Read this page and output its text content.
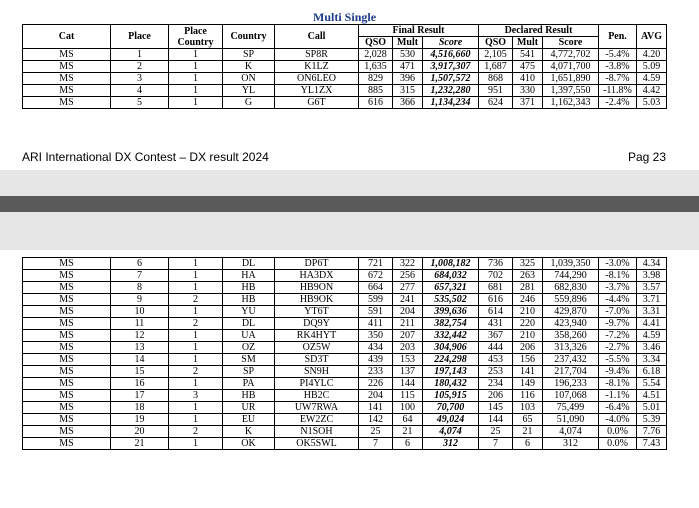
Multi Single												
Cat	Place	Place Country	Country	Call	Final Result			Declared Result			Pen.	AVG
					QSO	Mult	Score	QSO	Mult	Score		
MS	1	1	SP	SP8R	2,028	530	4,516,660	2,105	541	4,772,702	-5.4%	4.20
MS	2	1	K	K1LZ	1,635	471	3,917,307	1,687	475	4,071,700	-3.8%	5.09
MS	3	1	ON	ON6LEO	829	396	1,507,572	868	410	1,651,890	-8.7%	4.59
MS	4	1	YL	YL1ZX	885	315	1,232,280	951	330	1,397,550	-11.8%	4.42
MS	5	1	G	G6T	616	366	1,134,234	624	371	1,162,343	-2.4%	5.03
ARI International DX Contest – DX result 2024	Pag 23
MS	6	1	DL	DP6T	721	322	1,008,182	736	325	1,039,350	-3.0%	4.34
MS	7	1	HA	HA3DX	672	256	684,032	702	263	744,290	-8.1%	3.98
MS	8	1	HB	HB9ON	664	277	657,321	681	281	682,830	-3.7%	3.57
MS	9	2	HB	HB9OK	599	241	535,502	616	246	559,896	-4.4%	3.71
MS	10	1	YU	YT6T	591	204	399,636	614	210	429,870	-7.0%	3.31
MS	11	2	DL	DQ9Y	411	211	382,754	431	220	423,940	-9.7%	4.41
MS	12	1	UA	RK4HYT	350	207	332,442	367	210	358,260	-7.2%	4.59
MS	13	1	OZ	OZ5W	434	203	304,906	444	206	313,326	-2.7%	3.46
MS	14	1	SM	SD3T	439	153	224,298	453	156	237,432	-5.5%	3.34
MS	15	2	SP	SN9H	233	137	197,143	253	141	217,704	-9.4%	6.18
MS	16	1	PA	PI4YLC	226	144	180,432	234	149	196,233	-8.1%	5.54
MS	17	3	HB	HB2C	204	115	105,915	206	116	107,068	-1.1%	4.51
MS	18	1	UR	UW7RWA	141	100	70,700	145	103	75,499	-6.4%	5.01
MS	19	1	EU	EW2ZC	142	64	49,024	144	65	51,090	-4.0%	5.39
MS	20	2	K	N1SOH	25	21	4,074	25	21	4,074	0.0%	7.76
MS	21	1	OK	OK5SWL	7	6	312	7	6	312	0.0%	7.43
